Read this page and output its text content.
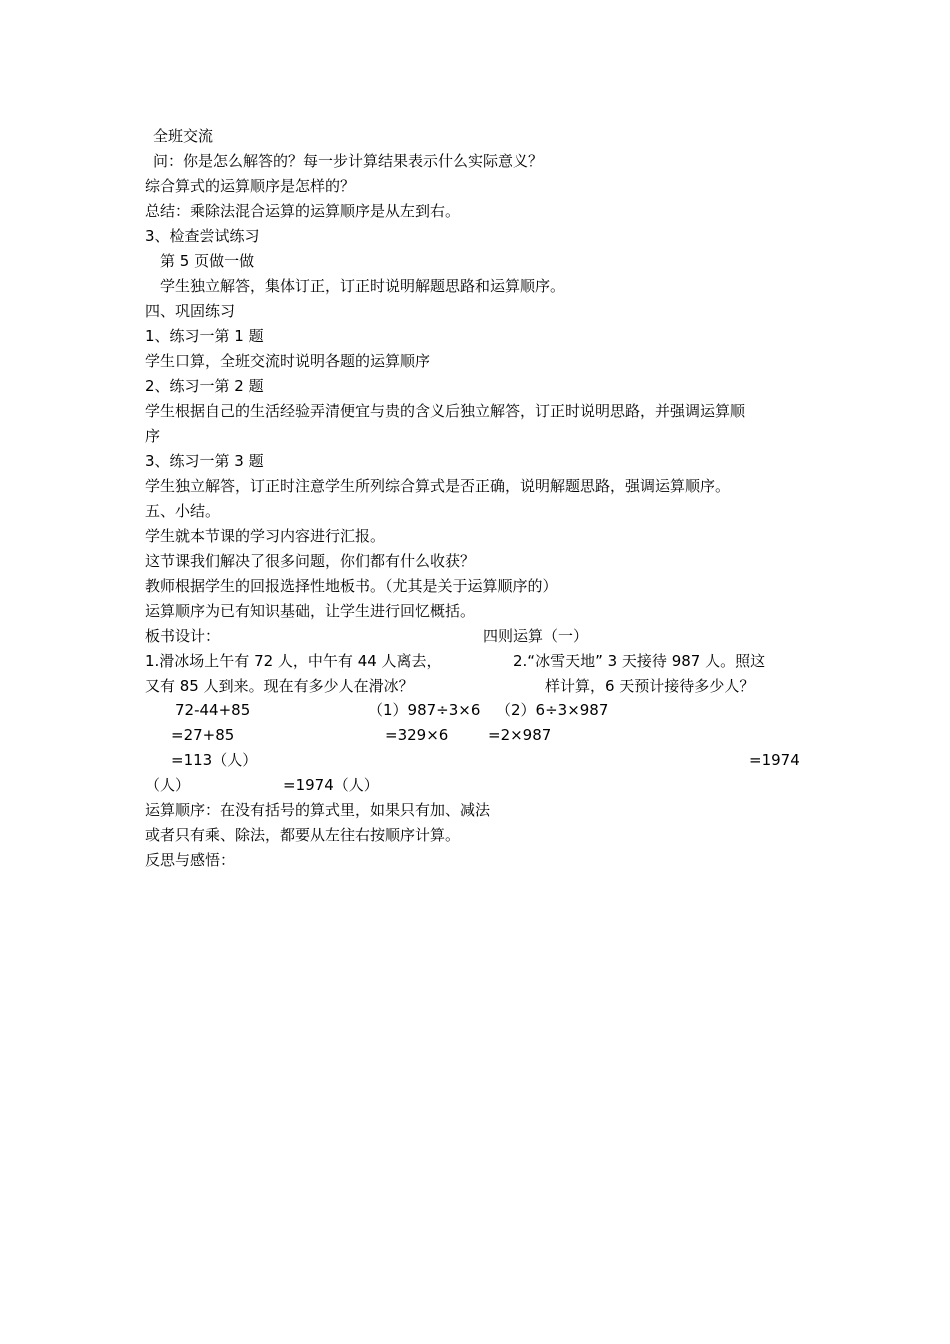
全班交流

问：你是怎么解答的？每一步计算结果表示什么实际意义？

综合算式的运算顺序是怎样的？

总结：乘除法混合运算的运算顺序是从左到右。

3、检查尝试练习

第 5 页做一做

学生独立解答，集体订正，订正时说明解题思路和运算顺序。

四、巩固练习

1、练习一第 1 题

学生口算，全班交流时说明各题的运算顺序

2、练习一第 2 题

学生根据自己的生活经验弄清便宜与贵的含义后独立解答，订正时说明思路，并强调运算顺

序

3、练习一第 3 题

学生独立解答，订正时注意学生所列综合算式是否正确，说明解题思路，强调运算顺序。

五、小结。

学生就本节课的学习内容进行汇报。

这节课我们解决了很多问题，你们都有什么收获？

教师根据学生的回报选择性地板书。（尤其是关于运算顺序的）

运算顺序为已有知识基础，让学生进行回忆概括。

板书设计：	四则运算（一）

1.滑冰场上午有 72 人，中午有 44 人离去，	2.“冰雪天地” 3 天接待 987 人。照这

又有 85 人到来。现在有多少人在滑冰？	样计算，6 天预计接待多少人？

72-44+85	（1）987÷3×6 （2）6÷3×987

=27+85	=329×6	=2×987

=113（人）	=1974

（人）	=1974（人）

运算顺序：在没有括号的算式里，如果只有加、减法

或者只有乘、除法，都要从左往右按顺序计算。

反思与感悟：
